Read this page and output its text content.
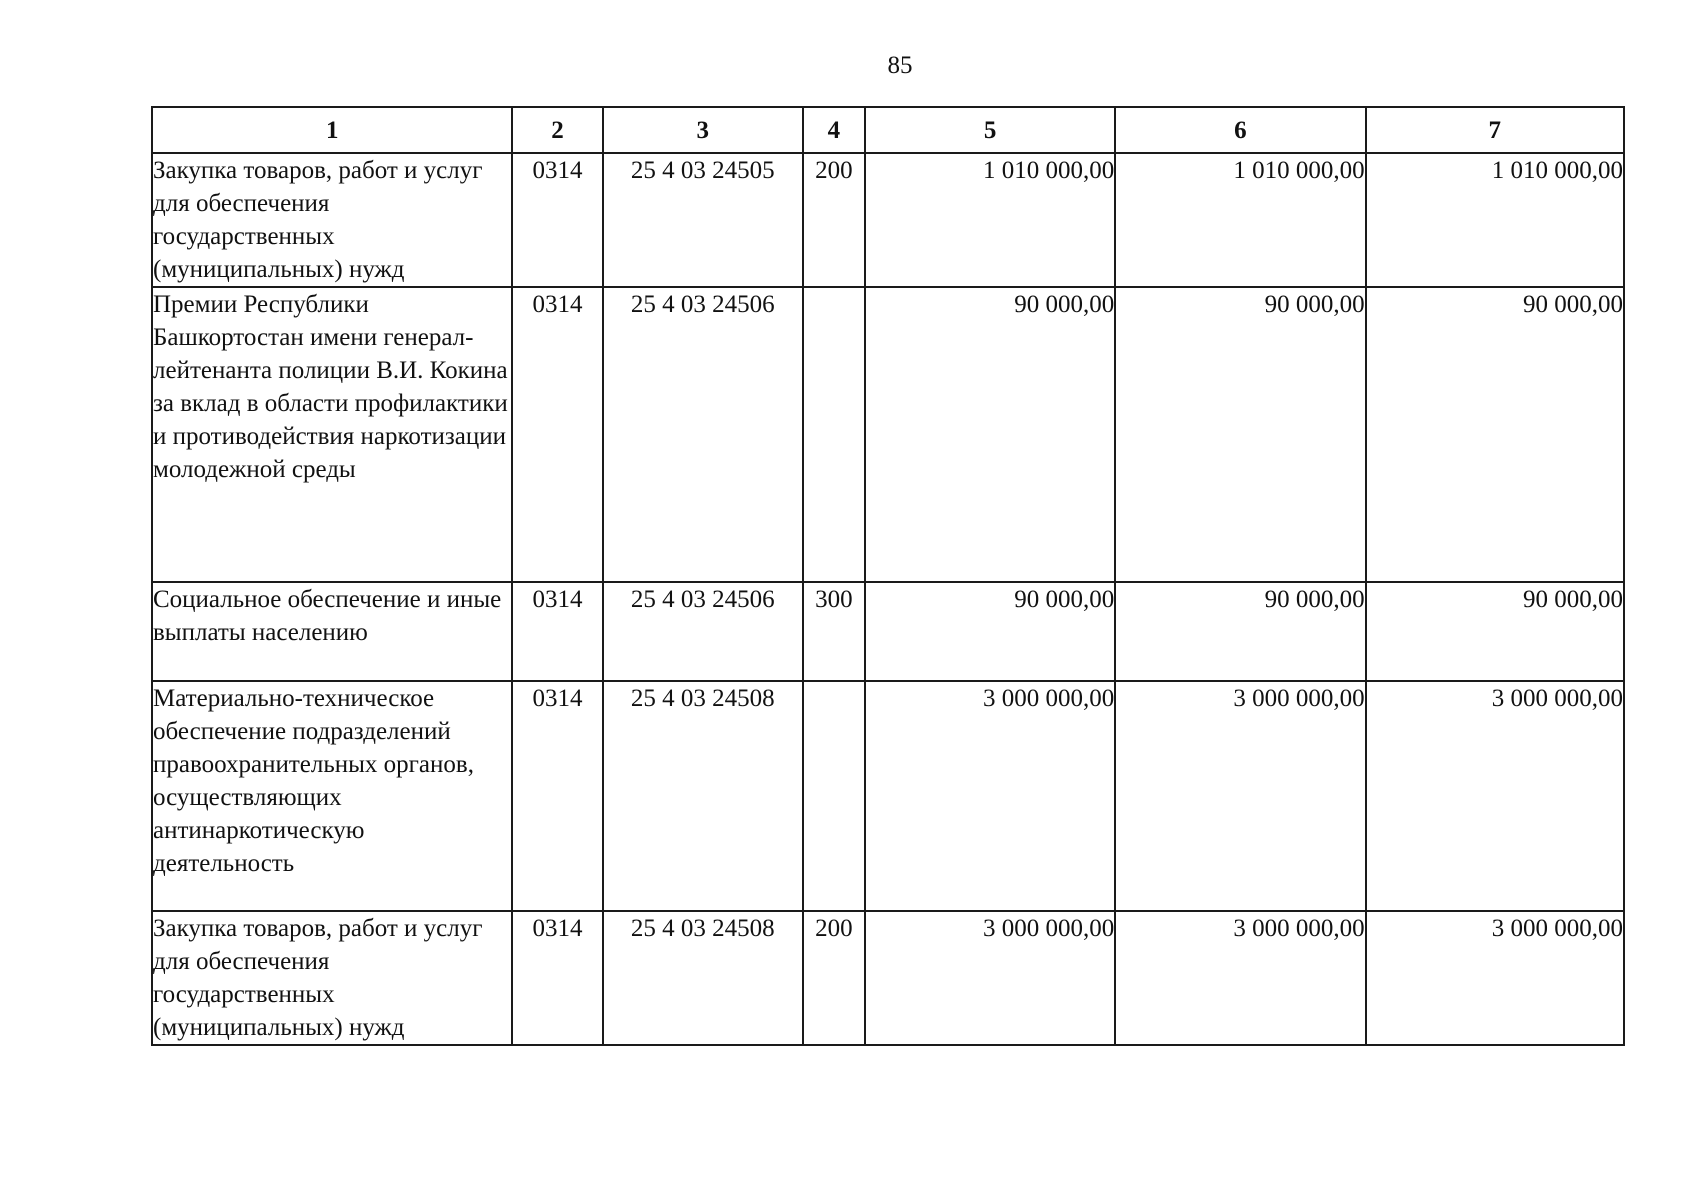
85
1	2	3	4	5	6	7
Закупка товаров, работ и услуг для обеспечения государственных (муниципальных) нужд	0314	25 4 03 24505	200	1 010 000,00	1 010 000,00	1 010 000,00
Премии Республики Башкортостан имени генерал-лейтенанта полиции В.И. Кокина за вклад в области профилактики и противодействия наркотизации молодежной среды	0314	25 4 03 24506		90 000,00	90 000,00	90 000,00
Социальное обеспечение и иные выплаты населению	0314	25 4 03 24506	300	90 000,00	90 000,00	90 000,00
Материально-техническое обеспечение подразделений правоохранительных органов, осуществляющих антинаркотическую деятельность	0314	25 4 03 24508		3 000 000,00	3 000 000,00	3 000 000,00
Закупка товаров, работ и услуг для обеспечения государственных (муниципальных) нужд	0314	25 4 03 24508	200	3 000 000,00	3 000 000,00	3 000 000,00
